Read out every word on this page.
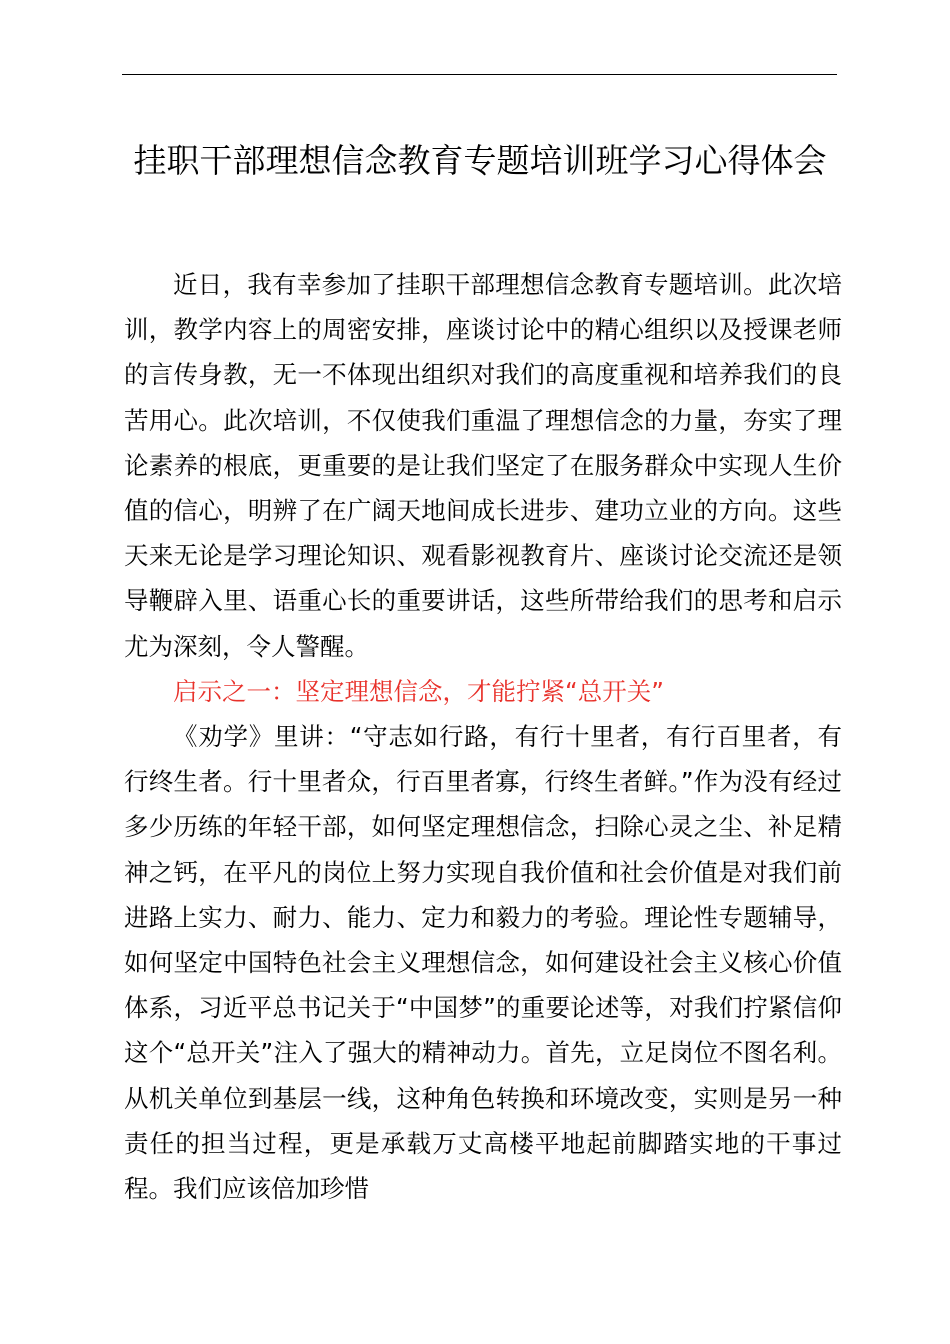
挂职干部理想信念教育专题培训班学习心得体会

近日，我有幸参加了挂职干部理想信念教育专题培训。此次培训，教学内容上的周密安排，座谈讨论中的精心组织以及授课老师的言传身教，无一不体现出组织对我们的高度重视和培养我们的良苦用心。此次培训，不仅使我们重温了理想信念的力量，夯实了理论素养的根底，更重要的是让我们坚定了在服务群众中实现人生价值的信心，明辨了在广阔天地间成长进步、建功立业的方向。这些天来无论是学习理论知识、观看影视教育片、座谈讨论交流还是领导鞭辟入里、语重心长的重要讲话，这些所带给我们的思考和启示尤为深刻，令人警醒。

启示之一：坚定理想信念，才能拧紧“总开关”

《劝学》里讲：“守志如行路，有行十里者，有行百里者，有行终生者。行十里者众，行百里者寡，行终生者鲜。”作为没有经过多少历练的年轻干部，如何坚定理想信念，扫除心灵之尘、补足精神之钙，在平凡的岗位上努力实现自我价值和社会价值是对我们前进路上实力、耐力、能力、定力和毅力的考验。理论性专题辅导，如何坚定中国特色社会主义理想信念，如何建设社会主义核心价值体系，习近平总书记关于“中国梦”的重要论述等，对我们拧紧信仰这个“总开关”注入了强大的精神动力。首先，立足岗位不图名利。从机关单位到基层一线，这种角色转换和环境改变，实则是另一种责任的担当过程，更是承载万丈高楼平地起前脚踏实地的干事过程。我们应该倍加珍惜
